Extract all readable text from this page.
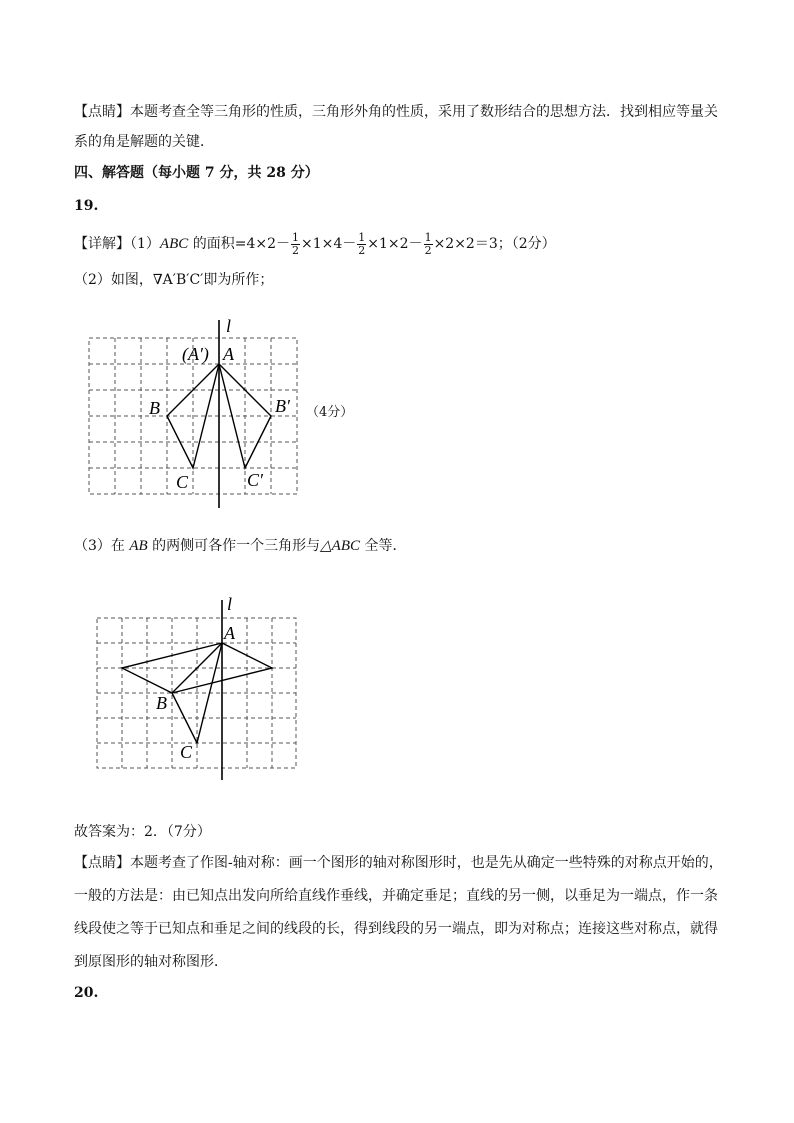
【点睛】本题考查全等三角形的性质，三角形外角的性质，采用了数形结合的思想方法．找到相应等量关
系的角是解题的关键．
四、解答题（每小题 7 分，共 28 分）
19.
【详解】（1）ABC 的面积$=4\times 2- \frac{1}{2} \times 1\times 4- \frac{1}{2} \times 1\times 2- \frac{1}{2} \times 2\times 2=3$；（2分）
（2）如图，∇A′B′C′即为所作；
l
(A′) A
B	B′
C	C′
（4分）
（3）在 AB 的两侧可各作一个三角形与△ABC 全等．
l
A
B
C
故答案为：2．（7分）
【点睛】本题考查了作图-轴对称：画一个图形的轴对称图形时，也是先从确定一些特殊的对称点开始的，
一般的方法是：由已知点出发向所给直线作垂线，并确定垂足；直线的另一侧，以垂足为一端点，作一条
线段使之等于已知点和垂足之间的线段的长，得到线段的另一端点，即为对称点；连接这些对称点，就得
到原图形的轴对称图形．
20.
